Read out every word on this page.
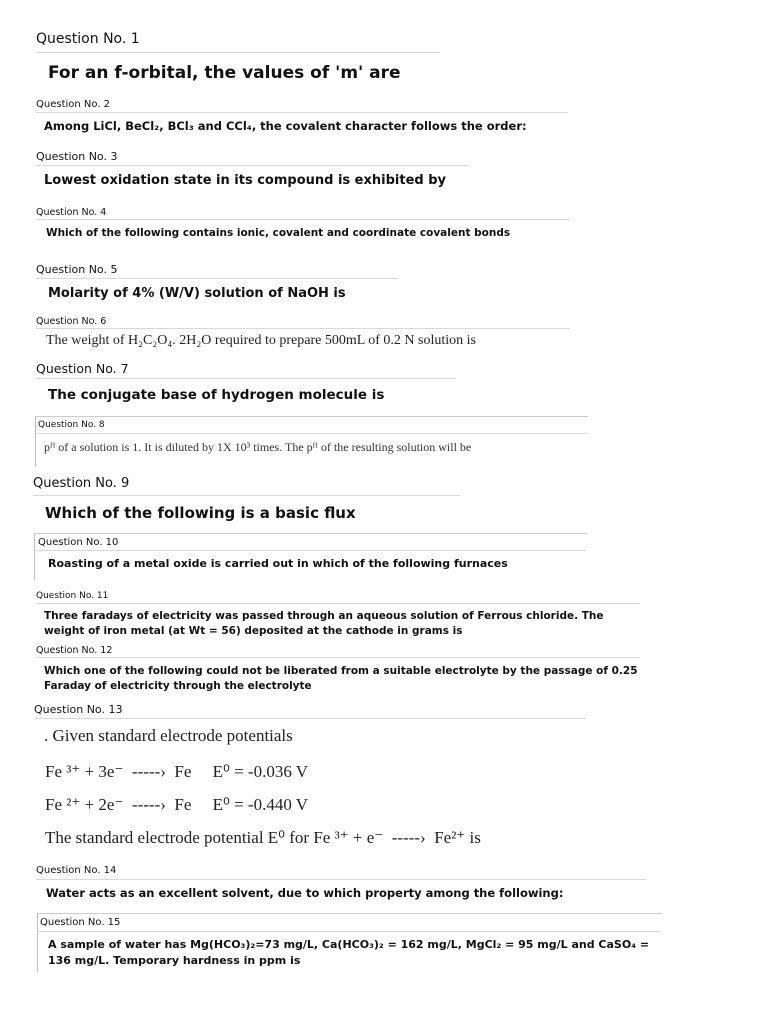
Question No. 1
For an f-orbital, the values of 'm' are
Question No. 2
Among LiCl, BeCl₂, BCl₃ and CCl₄, the covalent character follows the order:
Question No. 3
Lowest oxidation state in its compound is exhibited by
Question No. 4
Which of the following contains ionic, covalent and coordinate covalent bonds
Question No. 5
Molarity of 4% (W/V) solution of NaOH is
Question No. 6
The weight of H₂C₂O₄. 2H₂O required to prepare 500mL of 0.2 N solution is
Question No. 7
The conjugate base of hydrogen molecule is
Question No. 8
pᴴ of a solution is 1. It is diluted by 1X 10³ times. The pᴴ of the resulting solution will be
Question No. 9
Which of the following is a basic flux
Question No. 10
Roasting of a metal oxide is carried out in which of the following furnaces
Question No. 11
Three faradays of electricity was passed through an aqueous solution of Ferrous chloride. The weight of iron metal (at Wt = 56) deposited at the cathode in grams is
Question No. 12
Which one of the following could not be liberated from a suitable electrolyte by the passage of 0.25 Faraday of electricity through the electrolyte
Question No. 13
. Given standard electrode potentials
Fe ³⁺ + 3e⁻  -----›  Fe     E⁰ = -0.036 V
Fe ²⁺ + 2e⁻  -----›  Fe     E⁰ = -0.440 V
The standard electrode potential E⁰ for Fe ³⁺ + e⁻  -----›  Fe²⁺ is
Question No. 14
Water acts as an excellent solvent, due to which property among the following:
Question No. 15
A sample of water has Mg(HCO₃)₂=73 mg/L, Ca(HCO₃)₂ = 162 mg/L, MgCl₂ = 95 mg/L and CaSO₄ = 136 mg/L. Temporary hardness in ppm is
